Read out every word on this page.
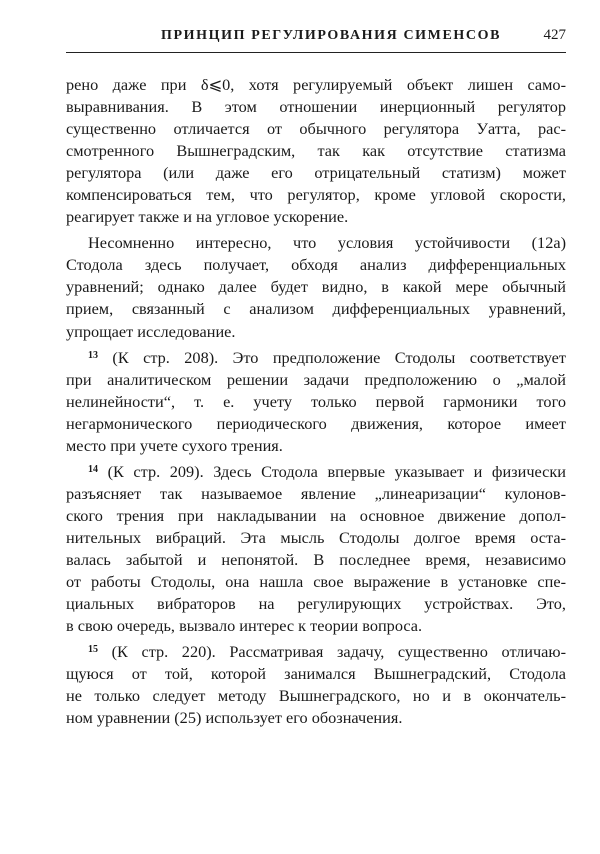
ПРИНЦИП РЕГУЛИРОВАНИЯ СИМЕНСОВ	427
рено даже при δ⩽0, хотя регулируемый объект лишен само-
выравнивания. В этом отношении инерционный регулятор
существенно отличается от обычного регулятора Уатта, рас-
смотренного Вышнеградским, так как отсутствие статизма
регулятора (или даже его отрицательный статизм) может
компенсироваться тем, что регулятор, кроме угловой скорости,
реагирует также и на угловое ускорение.
Несомненно интересно, что условия устойчивости (12а)
Стодола здесь получает, обходя анализ дифференциальных
уравнений; однако далее будет видно, в какой мере обычный
прием, связанный с анализом дифференциальных уравнений,
упрощает исследование.
$^{13}$ (К стр. 208). Это предположение Стодолы соответствует
при аналитическом решении задачи предположению о „малой
нелинейности“, т. е. учету только первой гармоники того
негармонического периодического движения, которое имеет
место при учете сухого трения.
$^{14}$ (К стр. 209). Здесь Стодола впервые указывает и физически
разъясняет так называемое явление „линеаризации“ кулонов-
ского трения при накладывании на основное движение допол-
нительных вибраций. Эта мысль Стодолы долгое время оста-
валась забытой и непонятой. В последнее время, независимо
от работы Стодолы, она нашла свое выражение в установке спе-
циальных вибраторов на регулирующих устройствах. Это,
в свою очередь, вызвало интерес к теории вопроса.
$^{15}$ (К стр. 220). Рассматривая задачу, существенно отличаю-
щуюся от той, которой занимался Вышнеградский, Стодола
не только следует методу Вышнеградского, но и в окончатель-
ном уравнении (25) использует его обозначения.
